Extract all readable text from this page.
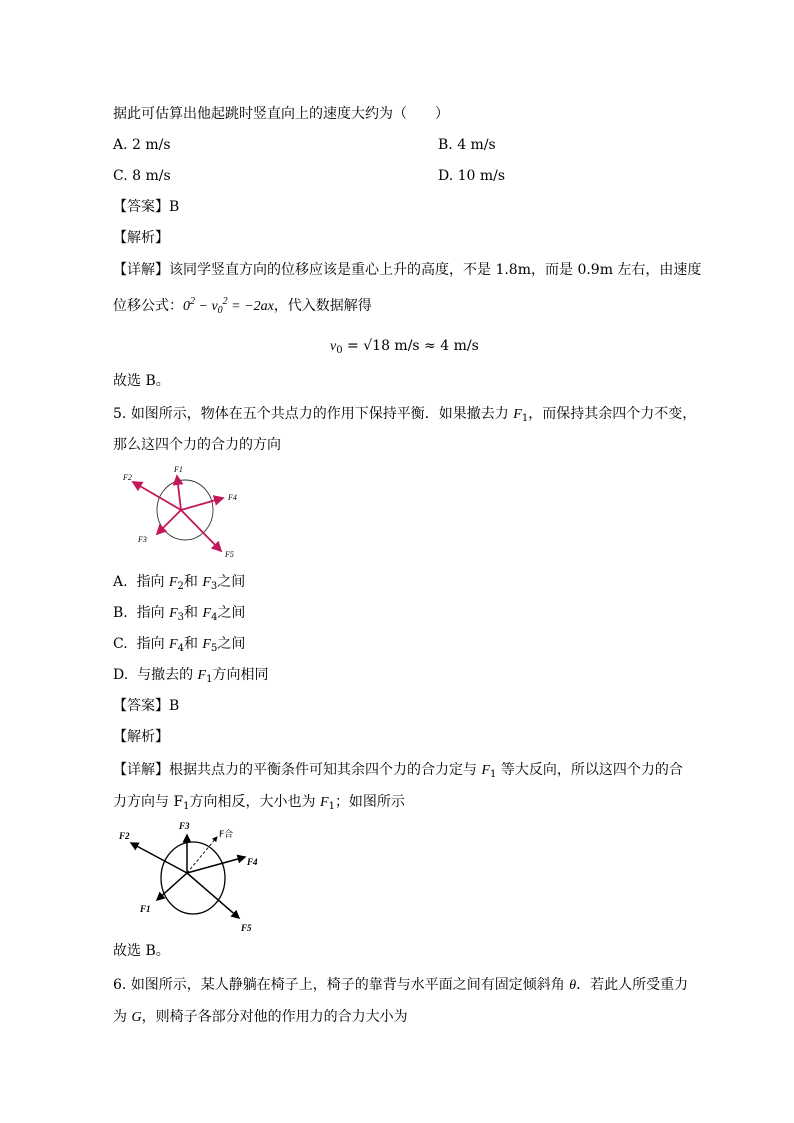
据此可估算出他起跳时竖直向上的速度大约为（　　）
A. 2 m/s	B. 4 m/s
C. 8 m/s	D. 10 m/s
【答案】B
【解析】
【详解】该同学竖直方向的位移应该是重心上升的高度，不是 1.8m，而是 0.9m 左右，由速度
位移公式：$0^2 - v_0^2 = -2ax$，代入数据解得
$v_0 = √18$ m/s ≈ 4 m/s
故选 B。
5. 如图所示，物体在五个共点力的作用下保持平衡．如果撤去力 $F_1$，而保持其余四个力不变，
那么这四个力的合力的方向
F1
F2
F3
F4
F5
A. 指向 $F_2$和 $F_3$之间
B. 指向 $F_3$和 $F_4$之间
C. 指向 $F_4$和 $F_5$之间
D. 与撤去的 $F_1$方向相同
【答案】B
【解析】
【详解】根据共点力的平衡条件可知其余四个力的合力定与 $F_1$ 等大反向，所以这四个力的合
力方向与 $F_1$方向相反，大小也为 $F_1$；如图所示
F1
F2
F3
F4
F5
F合
故选 B。
6. 如图所示，某人静躺在椅子上，椅子的靠背与水平面之间有固定倾斜角 θ．若此人所受重力
为 G，则椅子各部分对他的作用力的合力大小为
